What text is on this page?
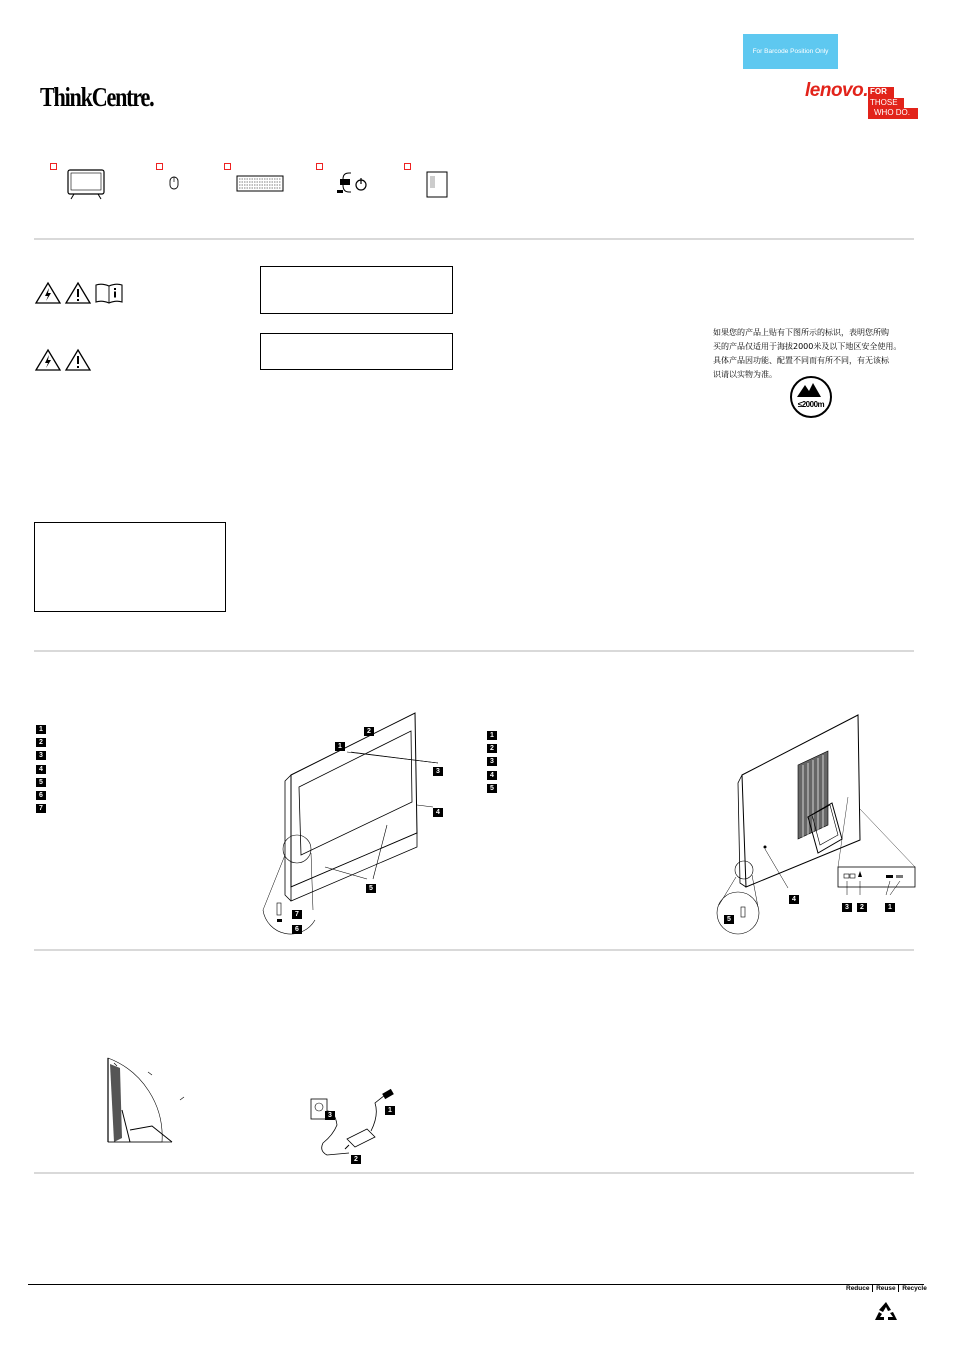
For Barcode Position Only
ThinkCentre.	lenovo. FOR
THOSE
WHO DO.
如果您的产品上贴有下图所示的标识，表明您所购
买的产品仅适用于海拔2000米及以下地区安全使用。
具体产品因功能、配置不同而有所不同，有无该标
识请以实物为准。
≤2000m
1
2
3
4
5
6
7
2
1
3
4
5
7
6
1
2
3
4
5
4
3	2	1
5
1
3
2
Reduce Reuse Recycle
